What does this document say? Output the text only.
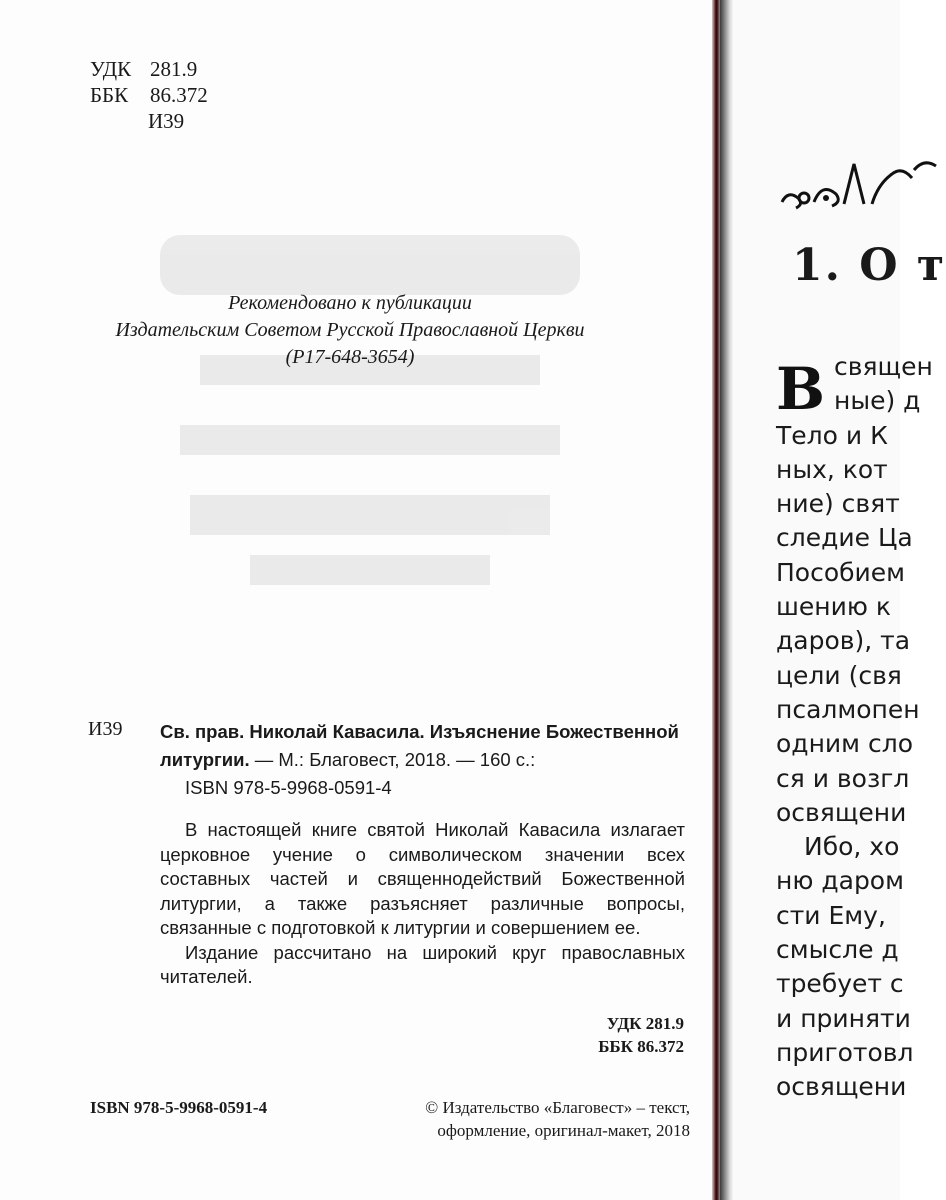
УДК 281.9
ББК	86.372
И39
Рекомендовано к публикации
Издательским Советом Русской Православной Церкви
(Р17-648-3654)
И39 Св. прав. Николай Кавасила. Изъяснение Божественной литургии. — М.: Благовест, 2018. — 160 с.:
ISBN 978-5-9968-0591-4

В настоящей книге святой Николай Кавасила излагает церковное учение о символическом значении всех составных частей и священнодействий Божественной литургии, а также разъясняет различные вопросы, связанные с подготовкой к литургии и совершением ее.

Издание рассчитано на широкий круг православных читателей.

УДК 281.9
ББК 86.372
ISBN 978-5-9968-0591-4	© Издательство «Благовест» – текст,
оформление, оригинал-макет, 2018
1. О т
В священ
ные) д
Тело и К
ных, кот
ние) свят
следие Ца
Пособием
шению к
даров), та
цели (свя
псалмопен
одним сло
ся и возгл
освящени
Ибо, хо
ню даром
сти Ему,
смысле д
требует с
и приняти
приготовл
освящени
